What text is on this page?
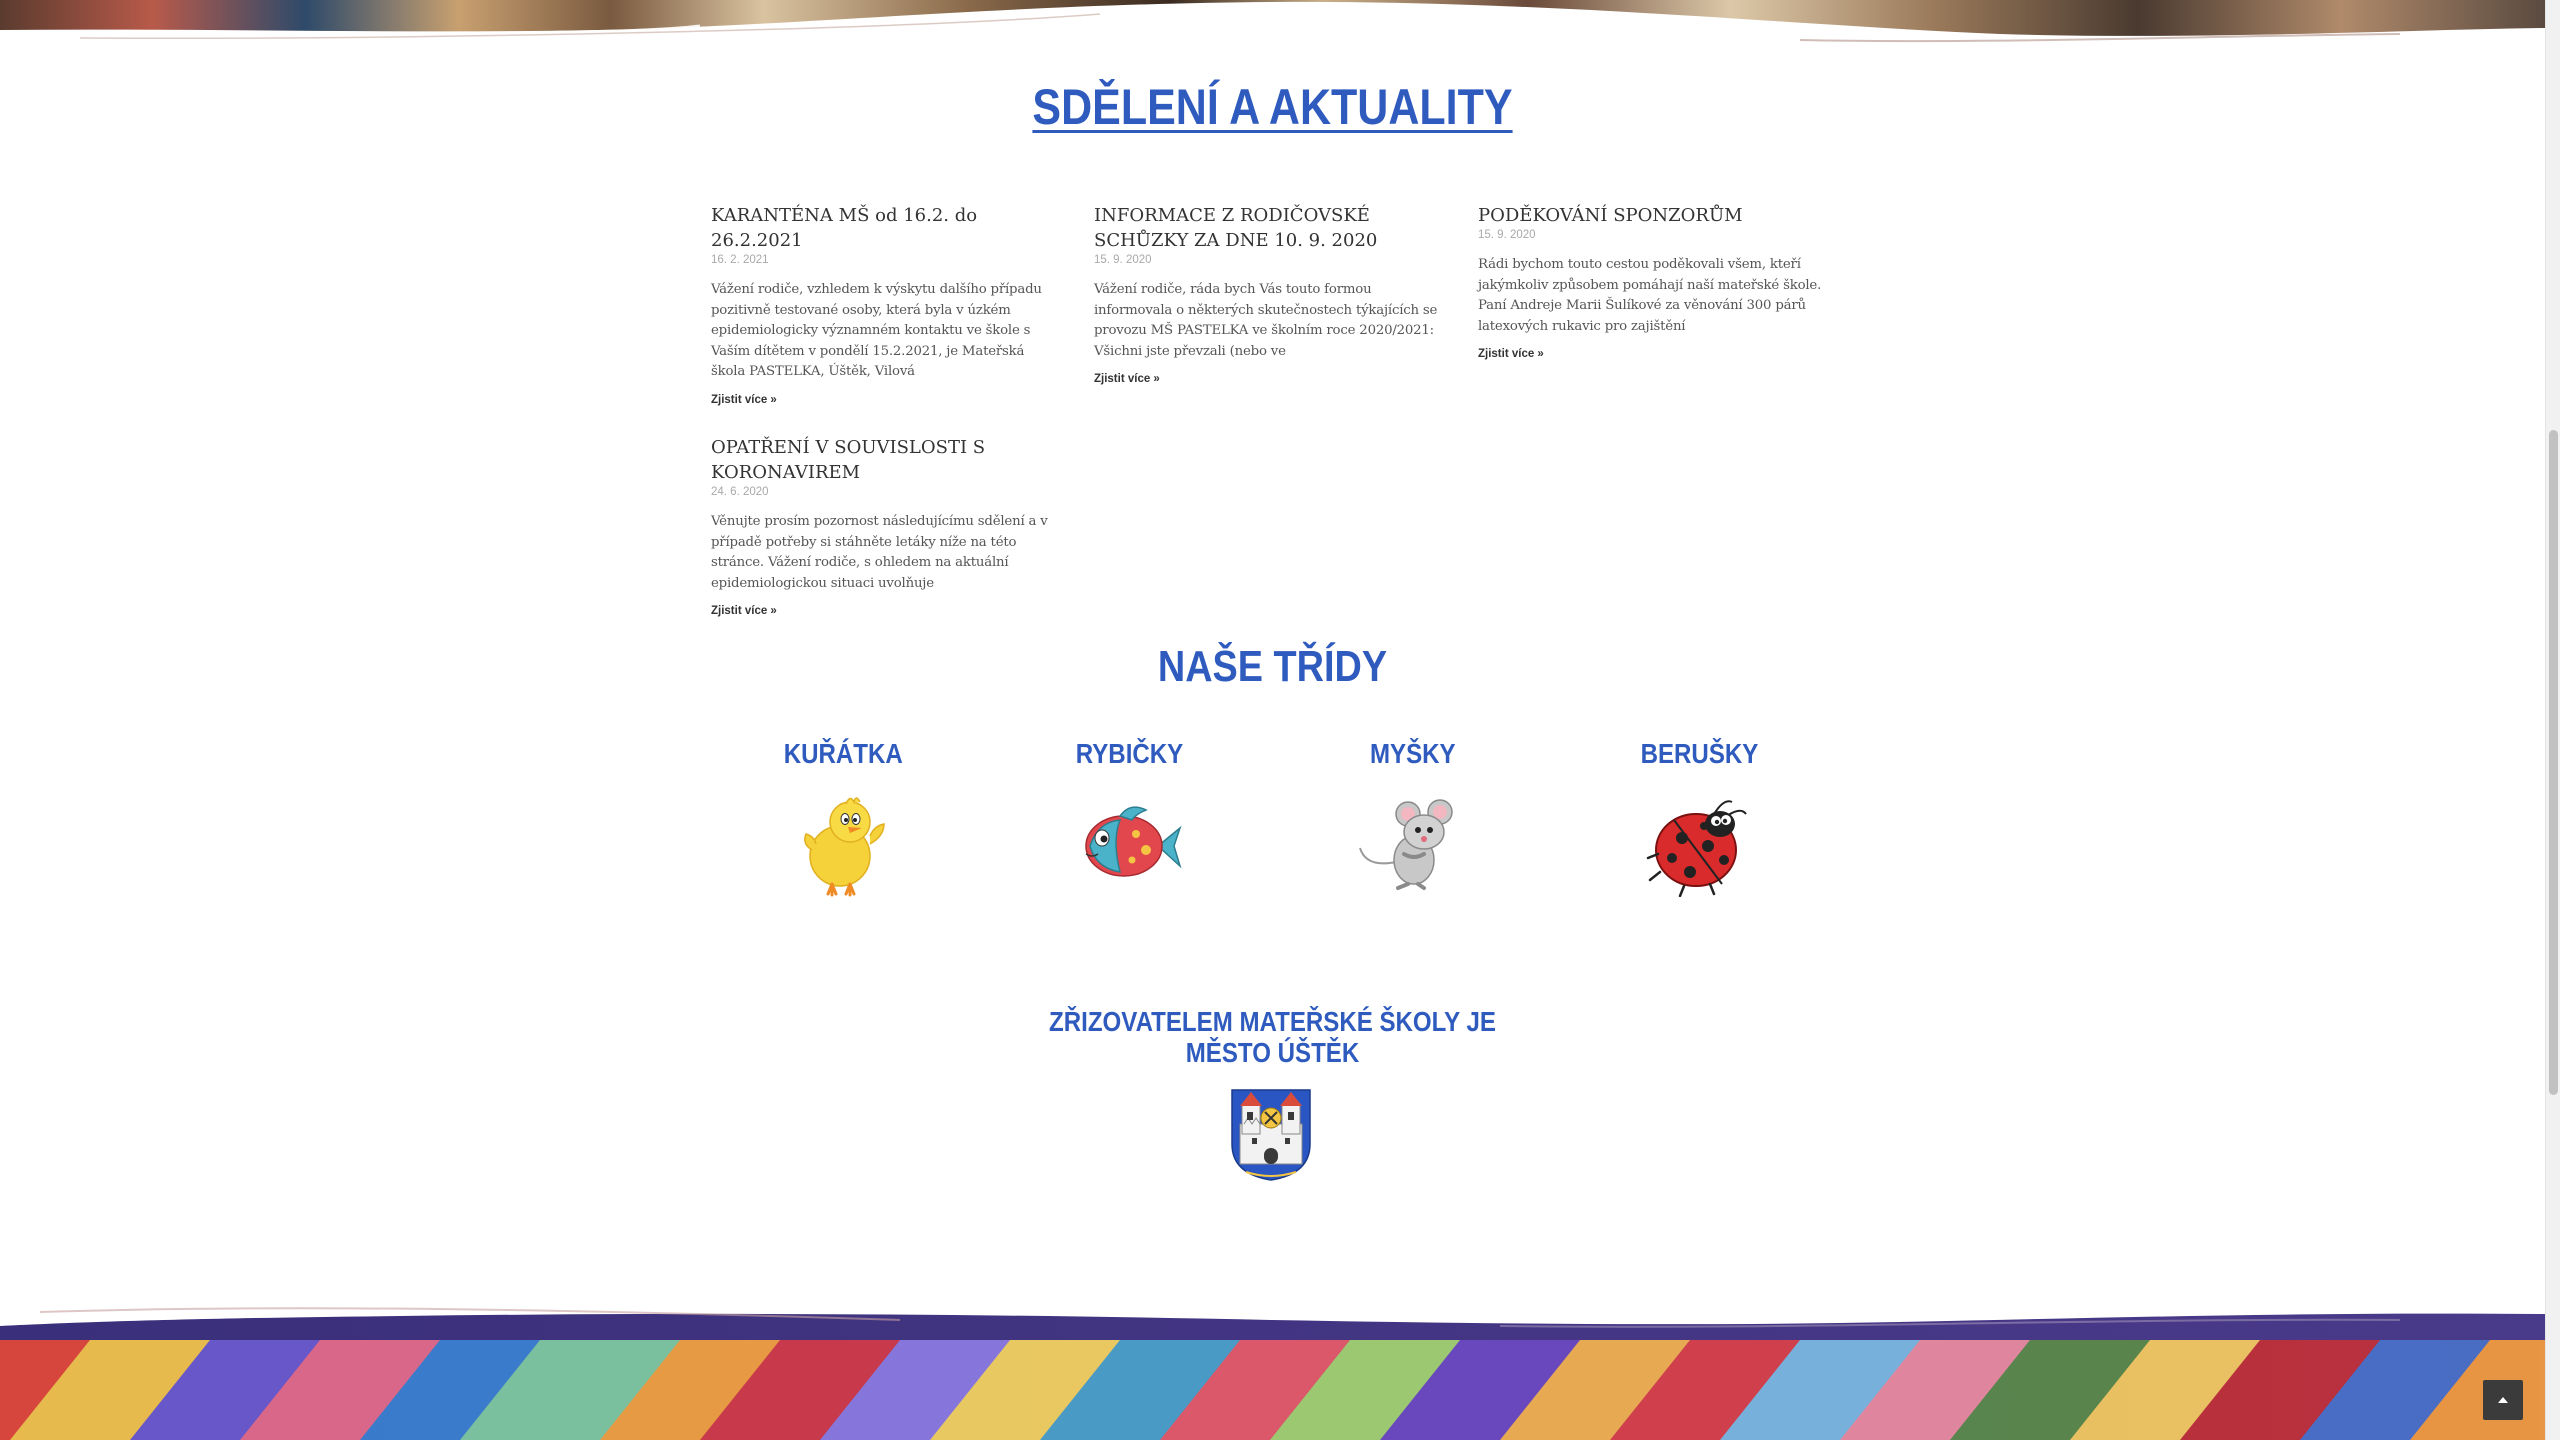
SDĚLENÍ A AKTUALITY
KARANTÉNA MŠ od 16.2. do 26.2.2021
16. 2. 2021

Vážení rodiče, vzhledem k výskytu dalšího případu pozitivně testované osoby, která byla v úzkém epidemiologicky významném kontaktu ve škole s Vaším dítětem v pondělí 15.2.2021, je Mateřská škola PASTELKA, Úštěk, Vilová

Zjistit více »
INFORMACE Z RODIČOVSKÉ SCHŮZKY ZA DNE 10. 9. 2020
15. 9. 2020

Vážení rodiče, ráda bych Vás touto formou informovala o některých skutečnostech týkajících se provozu MŠ PASTELKA ve školním roce 2020/2021: Všichni jste převzali (nebo ve

Zjistit více »
PODĚKOVÁNÍ SPONZORŮM
15. 9. 2020

Rádi bychom touto cestou poděkovali všem, kteří jakýmkoliv způsobem pomáhají naší mateřské škole. Paní Andreje Marii Šulíkové za věnování 300 párů latexových rukavic pro zajištění

Zjistit více »
OPATŘENÍ V SOUVISLOSTI S KORONAVIREM
24. 6. 2020

Věnujte prosím pozornost následujícímu sdělení a v případě potřeby si stáhněte letáky níže na této stránce. Vážení rodiče, s ohledem na aktuální epidemiologickou situaci uvolňuje

Zjistit více »
NAŠE TŘÍDY
KUŘÁTKA	RYBIČKY	MYŠKY	BERUŠKY
ZŘIZOVATELEM MATEŘSKÉ ŠKOLY JE
MĚSTO ÚŠTĚK
